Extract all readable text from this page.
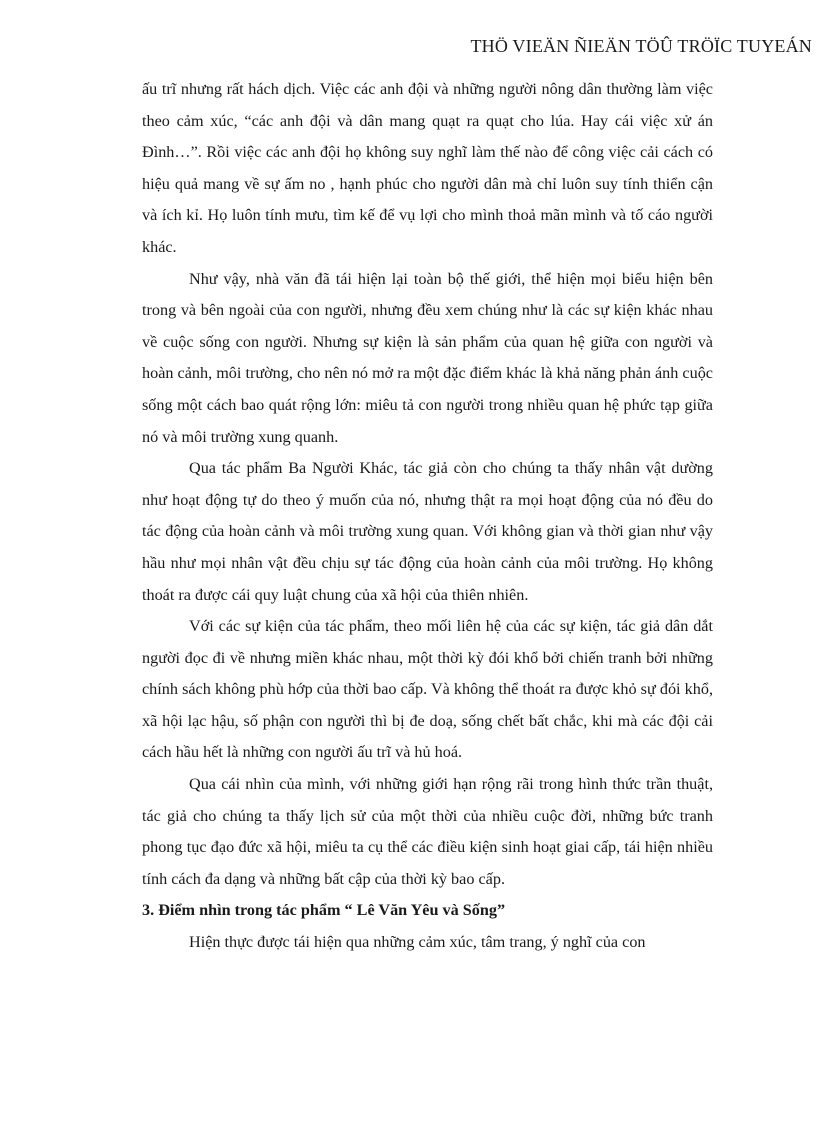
THÖ VIEÄN ÑIEÄN TÖÛ TRÖÏC TUYEÁN

ấu trĩ nhưng rất hách dịch. Việc các anh đội và những người nông dân thường làm việc theo cảm xúc, “các anh đội và dân mang quạt ra quạt cho lúa. Hay cái việc xử án Đình…”. Rồi việc các anh đội họ không suy nghĩ làm thế nào để công việc cải cách có hiệu quả mang về sự ấm no , hạnh phúc cho người dân mà chỉ luôn suy tính thiển cận và ích kỉ. Họ luôn tính mưu, tìm kế để vụ lợi cho mình thoả mãn mình và tố cáo người khác.

Như vậy, nhà văn đã tái hiện lại toàn bộ thế giới, thể hiện mọi biểu hiện bên trong và bên ngoài của con người, nhưng đều xem chúng như là các sự kiện khác nhau về cuộc sống con người. Nhưng sự kiện là sản phẩm của quan hệ giữa con người và hoàn cảnh, môi trường, cho nên nó mở ra một đặc điểm khác là khả năng phản ánh cuộc sống một cách bao quát rộng lớn: miêu tả con người trong nhiều quan hệ phức tạp giữa nó và môi trường xung quanh.

Qua tác phẩm Ba Người Khác, tác giả còn cho chúng ta thấy nhân vật dường như hoạt động tự do theo ý muốn của nó, nhưng thật ra mọi hoạt động của nó đều do tác động của hoàn cảnh và môi trường xung quan. Với không gian và thời gian như vậy hầu như mọi nhân vật đều chịu sự tác động của hoàn cảnh của môi trường. Họ không thoát ra được cái quy luật chung của xã hội của thiên nhiên.

Với các sự kiện của tác phẩm, theo mối liên hệ của các sự kiện, tác giả dân dắt người đọc đi về nhưng miền khác nhau, một thời kỳ đói khổ bởi chiến tranh bởi những chính sách không phù hớp của thời bao cấp. Và không thể thoát ra được khỏ sự đói khổ, xã hội lạc hậu, số phận con người thì bị đe doạ, sống chết bất chắc, khi mà các đội cải cách hầu hết là những con người ấu trĩ và hủ hoá.

Qua cái nhìn của mình, với những giới hạn rộng rãi trong hình thức trần thuật, tác giả cho chúng ta thấy lịch sử của một thời của nhiều cuộc đời, những bức tranh phong tục đạo đức xã hội, miêu ta cụ thể các điều kiện sinh hoạt giai cấp, tái hiện nhiều tính cách đa dạng và những bất cập của thời kỳ bao cấp.

3. Điểm nhìn trong tác phẩm “ Lê Văn Yêu và Sống”

Hiện thực được tái hiện qua những cảm xúc, tâm trang, ý nghĩ của con
